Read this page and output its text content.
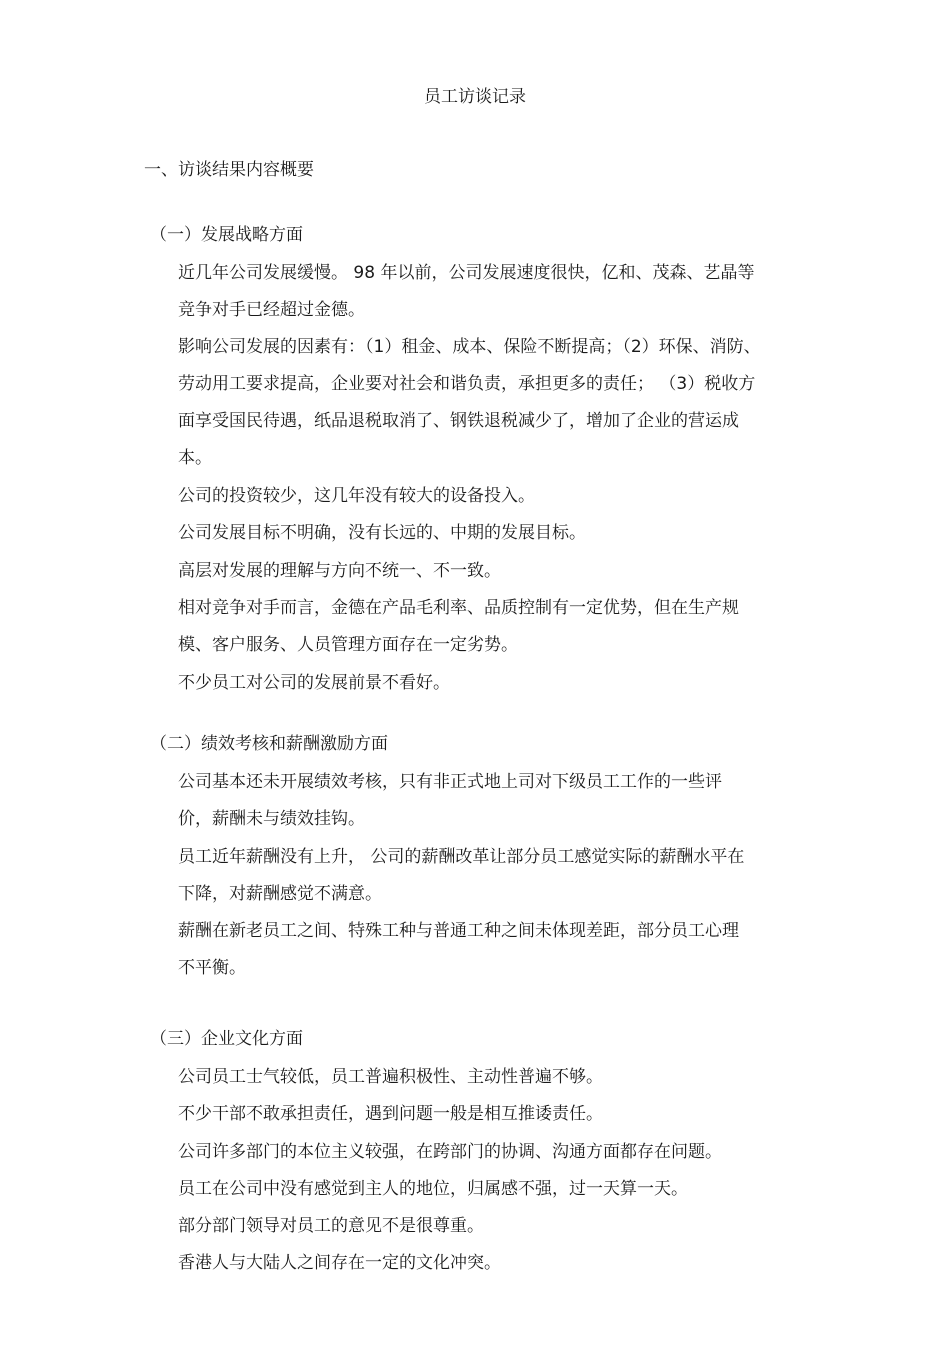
员工访谈记录
一、访谈结果内容概要
（一）发展战略方面
近几年公司发展缓慢。 98 年以前，公司发展速度很快，亿和、茂森、艺晶等
竞争对手已经超过金德。
影响公司发展的因素有：（1）租金、成本、保险不断提高；（2）环保、消防、
劳动用工要求提高，企业要对社会和谐负责，承担更多的责任； （3）税收方
面享受国民待遇，纸品退税取消了、钢铁退税减少了，增加了企业的营运成
本。
公司的投资较少，这几年没有较大的设备投入。
公司发展目标不明确，没有长远的、中期的发展目标。
高层对发展的理解与方向不统一、不一致。
相对竞争对手而言，金德在产品毛利率、品质控制有一定优势，但在生产规
模、客户服务、人员管理方面存在一定劣势。
不少员工对公司的发展前景不看好。
（二）绩效考核和薪酬激励方面
公司基本还未开展绩效考核，只有非正式地上司对下级员工工作的一些评
价，薪酬未与绩效挂钩。
员工近年薪酬没有上升， 公司的薪酬改革让部分员工感觉实际的薪酬水平在
下降，对薪酬感觉不满意。
薪酬在新老员工之间、特殊工种与普通工种之间未体现差距，部分员工心理
不平衡。
（三）企业文化方面
公司员工士气较低，员工普遍积极性、主动性普遍不够。
不少干部不敢承担责任，遇到问题一般是相互推诿责任。
公司许多部门的本位主义较强，在跨部门的协调、沟通方面都存在问题。
员工在公司中没有感觉到主人的地位，归属感不强，过一天算一天。
部分部门领导对员工的意见不是很尊重。
香港人与大陆人之间存在一定的文化冲突。
